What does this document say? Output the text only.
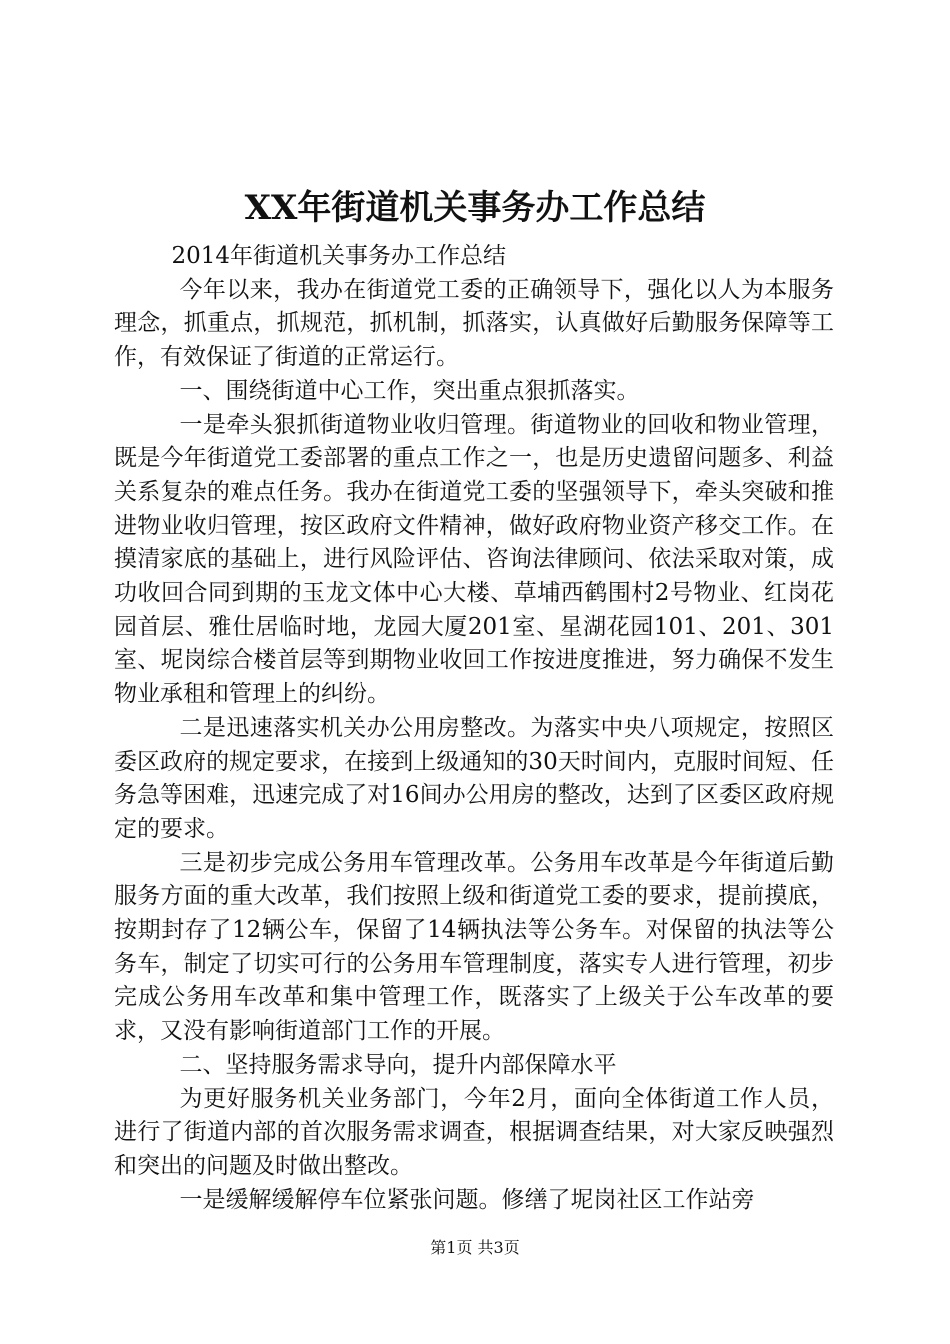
XX年街道机关事务办工作总结

2014年街道机关事务办工作总结

今年以来，我办在街道党工委的正确领导下，强化以人为本服务理念，抓重点，抓规范，抓机制，抓落实，认真做好后勤服务保障等工作，有效保证了街道的正常运行。

一、围绕街道中心工作，突出重点狠抓落实。

一是牵头狠抓街道物业收归管理。街道物业的回收和物业管理，既是今年街道党工委部署的重点工作之一，也是历史遗留问题多、利益关系复杂的难点任务。我办在街道党工委的坚强领导下，牵头突破和推进物业收归管理，按区政府文件精神，做好政府物业资产移交工作。在摸清家底的基础上，进行风险评估、咨询法律顾问、依法采取对策，成功收回合同到期的玉龙文体中心大楼、草埔西鹤围村2号物业、红岗花园首层、雅仕居临时地，龙园大厦201室、星湖花园101、201、301室、坭岗综合楼首层等到期物业收回工作按进度推进，努力确保不发生物业承租和管理上的纠纷。

二是迅速落实机关办公用房整改。为落实中央八项规定，按照区委区政府的规定要求，在接到上级通知的30天时间内，克服时间短、任务急等困难，迅速完成了对16间办公用房的整改，达到了区委区政府规定的要求。

三是初步完成公务用车管理改革。公务用车改革是今年街道后勤服务方面的重大改革，我们按照上级和街道党工委的要求，提前摸底，按期封存了12辆公车，保留了14辆执法等公务车。对保留的执法等公务车，制定了切实可行的公务用车管理制度，落实专人进行管理，初步完成公务用车改革和集中管理工作，既落实了上级关于公车改革的要求，又没有影响街道部门工作的开展。

二、坚持服务需求导向，提升内部保障水平

为更好服务机关业务部门，今年2月，面向全体街道工作人员，进行了街道内部的首次服务需求调查，根据调查结果，对大家反映强烈和突出的问题及时做出整改。

一是缓解缓解停车位紧张问题。修缮了坭岗社区工作站旁

第1页 共3页
